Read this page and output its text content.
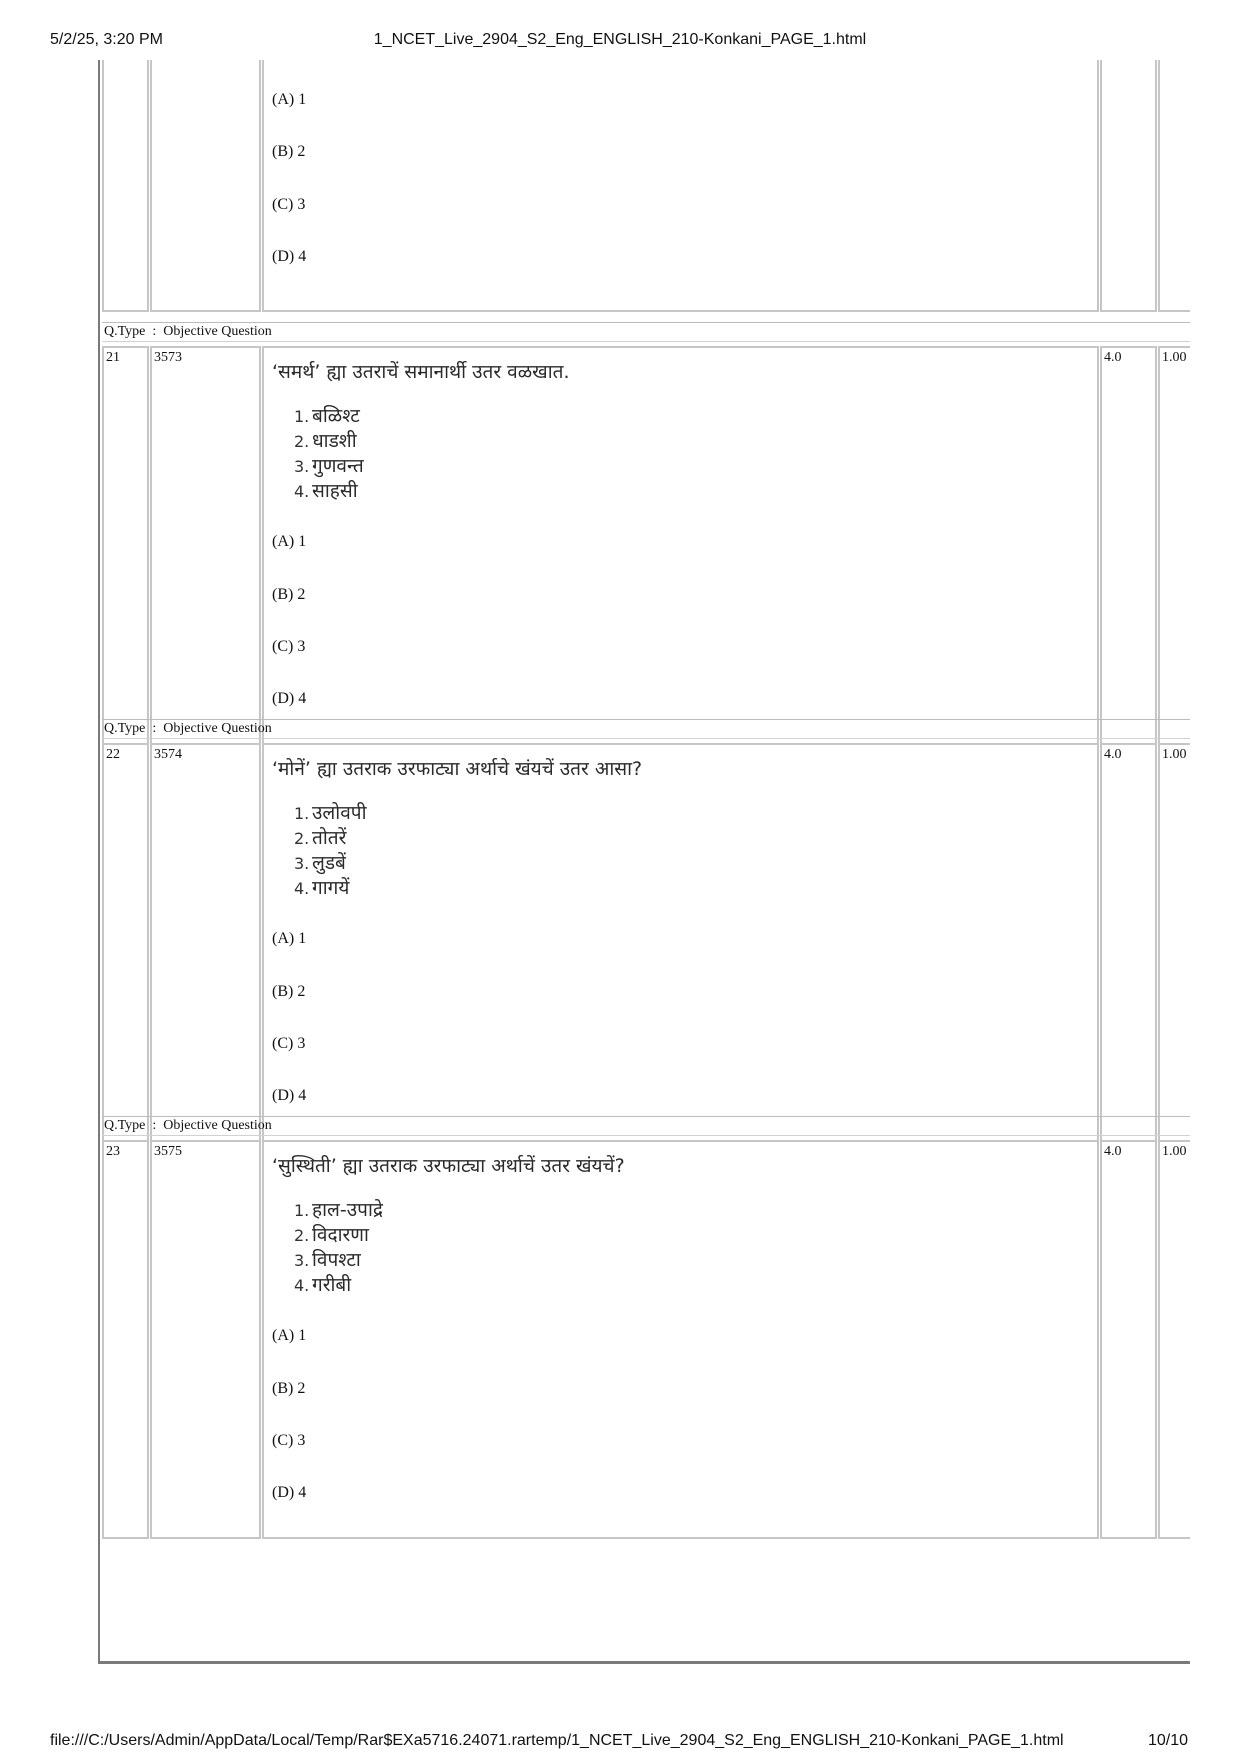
5/2/25, 3:20 PM	1_NCET_Live_2904_S2_Eng_ENGLISH_210-Konkani_PAGE_1.html
(A) 1
(B) 2
(C) 3
(D) 4
Q.Type : Objective Question
21	3573
‘समर्थ’ ह्या उतराचें समानार्थी उतर वळखात.
1. बळिश्ट
2. धाडशी
3. गुणवन्त
4. साहसी
(A) 1
(B) 2
(C) 3
(D) 4
4.0	1.00
Q.Type : Objective Question
22	3574
‘मोनें’ ह्या उतराक उरफाट्या अर्थाचे खंयचें उतर आसा?
1. उलोवपी
2. तोतरें
3. लुडबें
4. गागयें
(A) 1
(B) 2
(C) 3
(D) 4
4.0	1.00
Q.Type : Objective Question
23	3575
‘सुस्थिती’ ह्या उतराक उरफाट्या अर्थाचें उतर खंयचें?
1. हाल-उपाद्रे
2. विदारणा
3. विपश्टा
4. गरीबी
(A) 1
(B) 2
(C) 3
(D) 4
4.0	1.00
file:///C:/Users/Admin/AppData/Local/Temp/Rar$EXa5716.24071.rartemp/1_NCET_Live_2904_S2_Eng_ENGLISH_210-Konkani_PAGE_1.html	10/10
